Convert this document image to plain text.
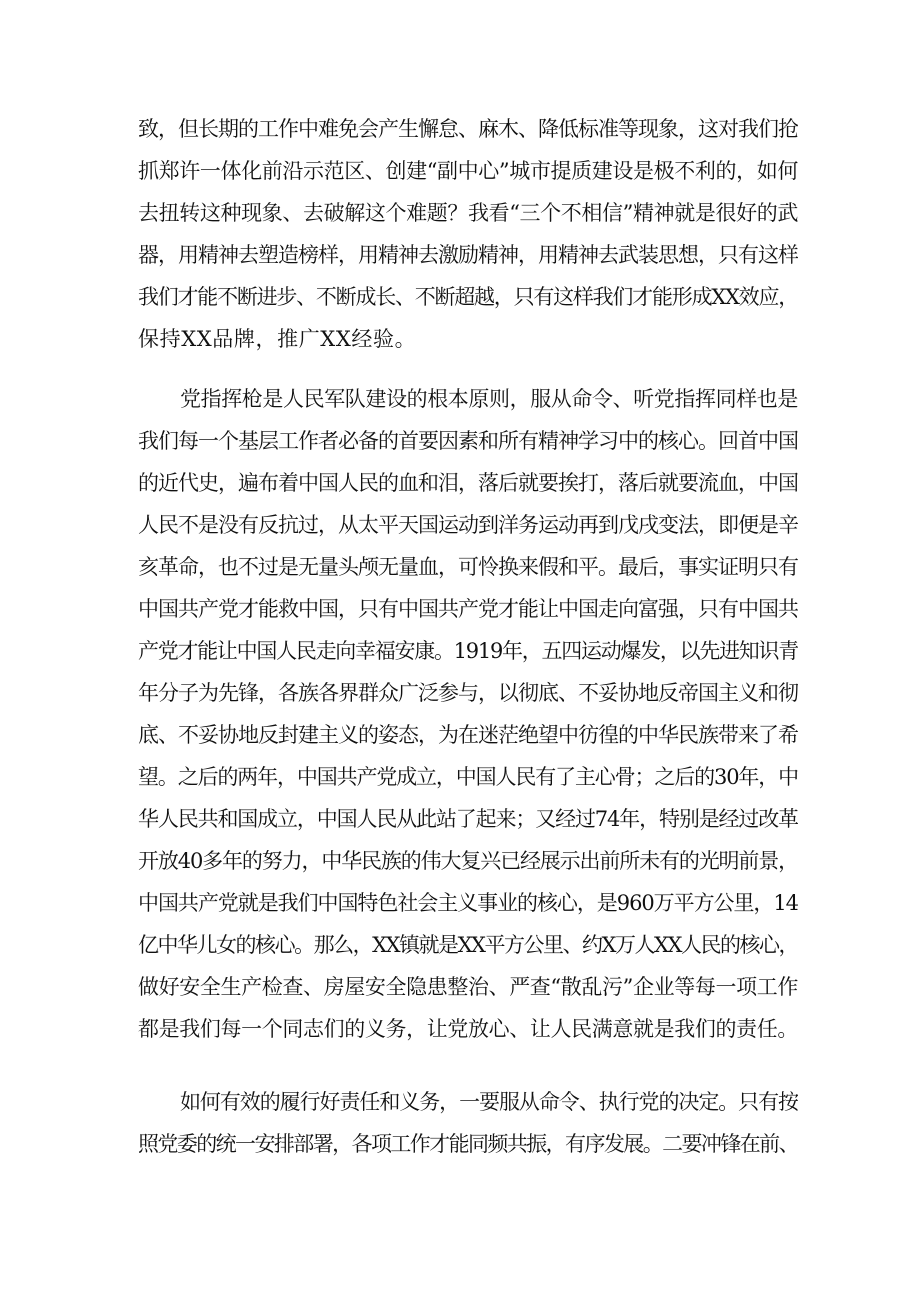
致，但长期的工作中难免会产生懈怠、麻木、降低标准等现象，这对我们抢
抓郑许一体化前沿示范区、创建“副中心”城市提质建设是极不利的，如何
去扭转这种现象、去破解这个难题？我看“三个不相信”精神就是很好的武
器，用精神去塑造榜样，用精神去激励精神，用精神去武装思想，只有这样
我们才能不断进步、不断成长、不断超越，只有这样我们才能形成XX效应，
保持XX品牌，推广XX经验。
党指挥枪是人民军队建设的根本原则，服从命令、听党指挥同样也是
我们每一个基层工作者必备的首要因素和所有精神学习中的核心。回首中国
的近代史，遍布着中国人民的血和泪，落后就要挨打，落后就要流血，中国
人民不是没有反抗过，从太平天国运动到洋务运动再到戊戌变法，即便是辛
亥革命，也不过是无量头颅无量血，可怜换来假和平。最后，事实证明只有
中国共产党才能救中国，只有中国共产党才能让中国走向富强，只有中国共
产党才能让中国人民走向幸福安康。1919年，五四运动爆发，以先进知识青
年分子为先锋，各族各界群众广泛参与，以彻底、不妥协地反帝国主义和彻
底、不妥协地反封建主义的姿态，为在迷茫绝望中彷徨的中华民族带来了希
望。之后的两年，中国共产党成立，中国人民有了主心骨；之后的30年，中
华人民共和国成立，中国人民从此站了起来；又经过74年，特别是经过改革
开放40多年的努力，中华民族的伟大复兴已经展示出前所未有的光明前景，
中国共产党就是我们中国特色社会主义事业的核心，是960万平方公里，14
亿中华儿女的核心。那么，XX镇就是XX平方公里、约X万人XX人民的核心，
做好安全生产检查、房屋安全隐患整治、严查“散乱污”企业等每一项工作
都是我们每一个同志们的义务，让党放心、让人民满意就是我们的责任。
如何有效的履行好责任和义务，一要服从命令、执行党的决定。只有按
照党委的统一安排部署，各项工作才能同频共振，有序发展。二要冲锋在前、
